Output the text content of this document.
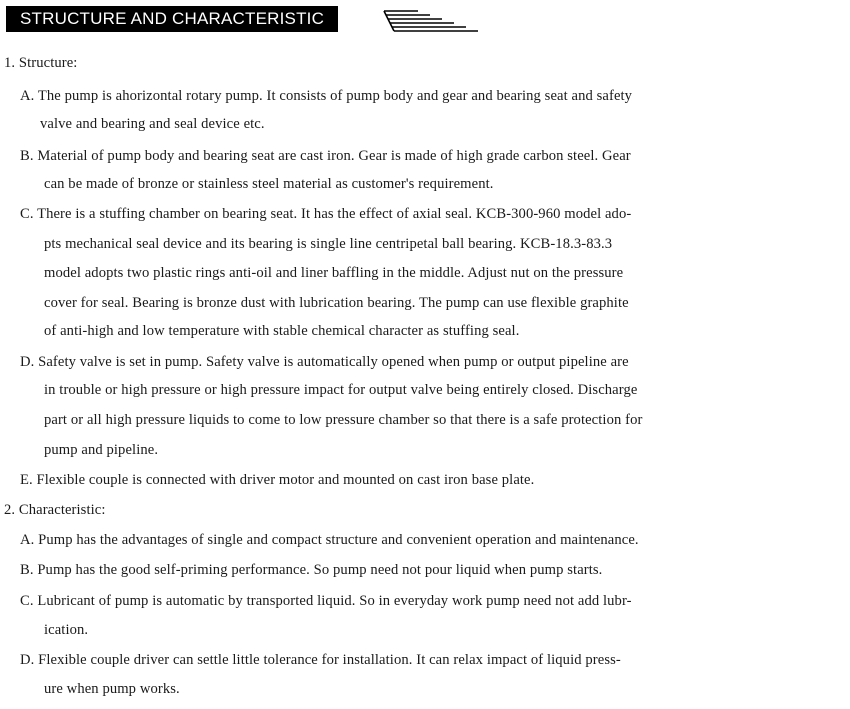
STRUCTURE AND CHARACTERISTIC
1. Structure:
A. The pump is ahorizontal rotary pump. It consists of pump body and gear and bearing seat and safety
valve and bearing and seal device etc.
B. Material of pump body and bearing seat are cast iron. Gear is made of high grade carbon steel. Gear
can be made of bronze or stainless steel material as customer's requirement.
C. There is a stuffing chamber on bearing seat. It has the effect of axial seal. KCB-300-960 model ado-
pts mechanical seal device and its bearing is single line centripetal ball bearing. KCB-18.3-83.3
model adopts two plastic rings anti-oil and liner baffling in the middle. Adjust nut on the pressure
cover for seal. Bearing is bronze dust with lubrication bearing. The pump can use flexible graphite
of anti-high and low temperature with stable chemical character as stuffing seal.
D. Safety valve is set in pump. Safety valve is automatically opened when pump or output pipeline are
in trouble or high pressure or high pressure impact for output valve being entirely closed. Discharge
part or all high pressure liquids to come to low pressure chamber so that there is a safe protection for
pump and pipeline.
E. Flexible couple is connected with driver motor and mounted on cast iron base plate.
2. Characteristic:
A. Pump has the advantages of single and compact structure and convenient operation and maintenance.
B. Pump has the good self-priming performance. So pump need not pour liquid when pump starts.
C. Lubricant of pump is automatic by transported liquid. So in everyday work pump need not add lubr-
ication.
D. Flexible couple driver can settle little tolerance for installation. It can relax impact of liquid press-
ure when pump works.
